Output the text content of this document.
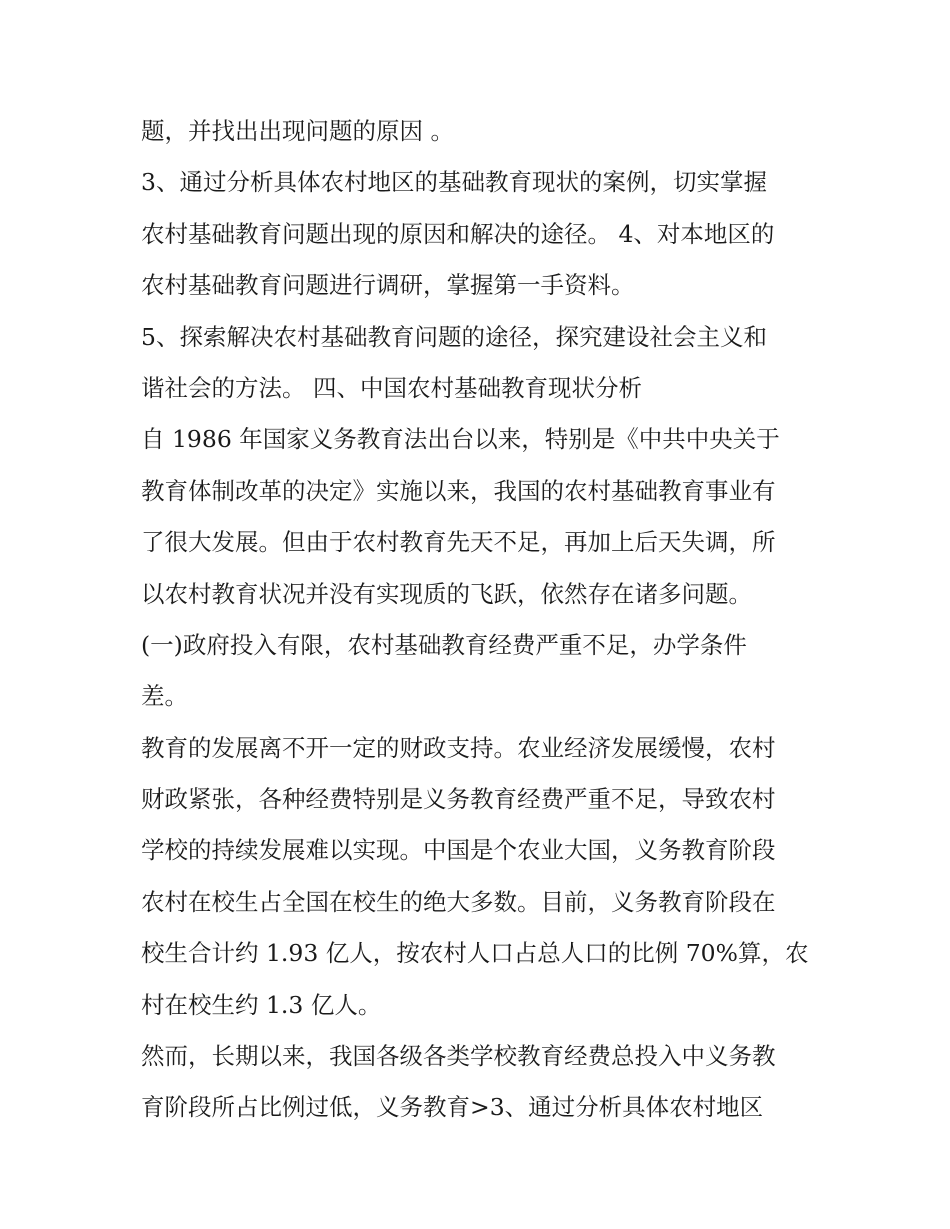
题，并找出出现问题的原因 。
3、通过分析具体农村地区的基础教育现状的案例，切实掌握
农村基础教育问题出现的原因和解决的途径。 4、对本地区的
农村基础教育问题进行调研，掌握第一手资料。
5、探索解决农村基础教育问题的途径，探究建设社会主义和
谐社会的方法。 四、中国农村基础教育现状分析
自 1986 年国家义务教育法出台以来，特别是《中共中央关于
教育体制改革的决定》实施以来，我国的农村基础教育事业有
了很大发展。但由于农村教育先天不足，再加上后天失调，所
以农村教育状况并没有实现质的飞跃，依然存在诸多问题。
(一)政府投入有限，农村基础教育经费严重不足，办学条件
差。
教育的发展离不开一定的财政支持。农业经济发展缓慢，农村
财政紧张，各种经费特别是义务教育经费严重不足，导致农村
学校的持续发展难以实现。中国是个农业大国，义务教育阶段
农村在校生占全国在校生的绝大多数。目前，义务教育阶段在
校生合计约 1.93 亿人，按农村人口占总人口的比例 70%算，农
村在校生约 1.3 亿人。
然而，长期以来，我国各级各类学校教育经费总投入中义务教
育阶段所占比例过低，义务教育>3、通过分析具体农村地区
